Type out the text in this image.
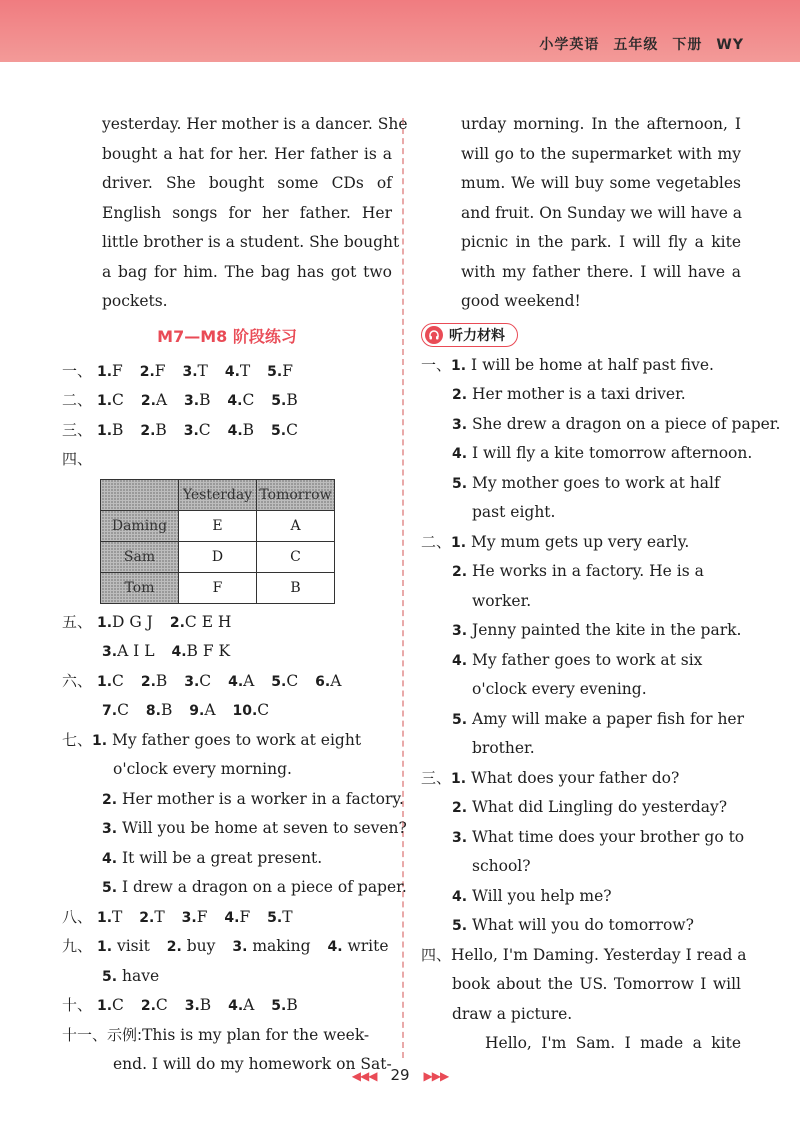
小学英语 五年级 下册 WY
yesterday. Her mother is a dancer. She
bought a hat for her. Her father is a
driver. She bought some CDs of
English songs for her father. Her
little brother is a student. She bought
a bag for him. The bag has got two
pockets.
M7—M8 阶段练习
一、 1.F 2.F 3.T 4.T 5.F
二、 1.C 2.A 3.B 4.C 5.B
三、 1.B 2.B 3.C 4.B 5.C
四、
	Yesterday	Tomorrow
Daming	E	A
Sam	D	C
Tom	F	B
五、 1.D G J 2.C E H
3.A I L 4.B F K
六、 1.C 2.B 3.C 4.A 5.C 6.A
7.C 8.B 9.A 10.C
七、1. My father goes to work at eight
o'clock every morning.
2. Her mother is a worker in a factory.
3. Will you be home at seven to seven?
4. It will be a great present.
5. I drew a dragon on a piece of paper.
八、 1.T 2.T 3.F 4.F 5.T
九、 1. visit 2. buy 3. making 4. write
5. have
十、 1.C 2.C 3.B 4.A 5.B
十一、示例:This is my plan for the week-
end. I will do my homework on Sat-
urday morning. In the afternoon, I
will go to the supermarket with my
mum. We will buy some vegetables
and fruit. On Sunday we will have a
picnic in the park. I will fly a kite
with my father there. I will have a
good weekend!
听力材料
一、1. I will be home at half past five.
2. Her mother is a taxi driver.
3. She drew a dragon on a piece of paper.
4. I will fly a kite tomorrow afternoon.
5. My mother goes to work at half
past eight.
二、1. My mum gets up very early.
2. He works in a factory. He is a
worker.
3. Jenny painted the kite in the park.
4. My father goes to work at six
o'clock every evening.
5. Amy will make a paper fish for her
brother.
三、1. What does your father do?
2. What did Lingling do yesterday?
3. What time does your brother go to
school?
4. Will you help me?
5. What will you do tomorrow?
四、Hello, I'm Daming. Yesterday I read a
book about the US. Tomorrow I will
draw a picture.
Hello, I'm Sam. I made a kite
◀◀◀ 29 ▶▶▶
